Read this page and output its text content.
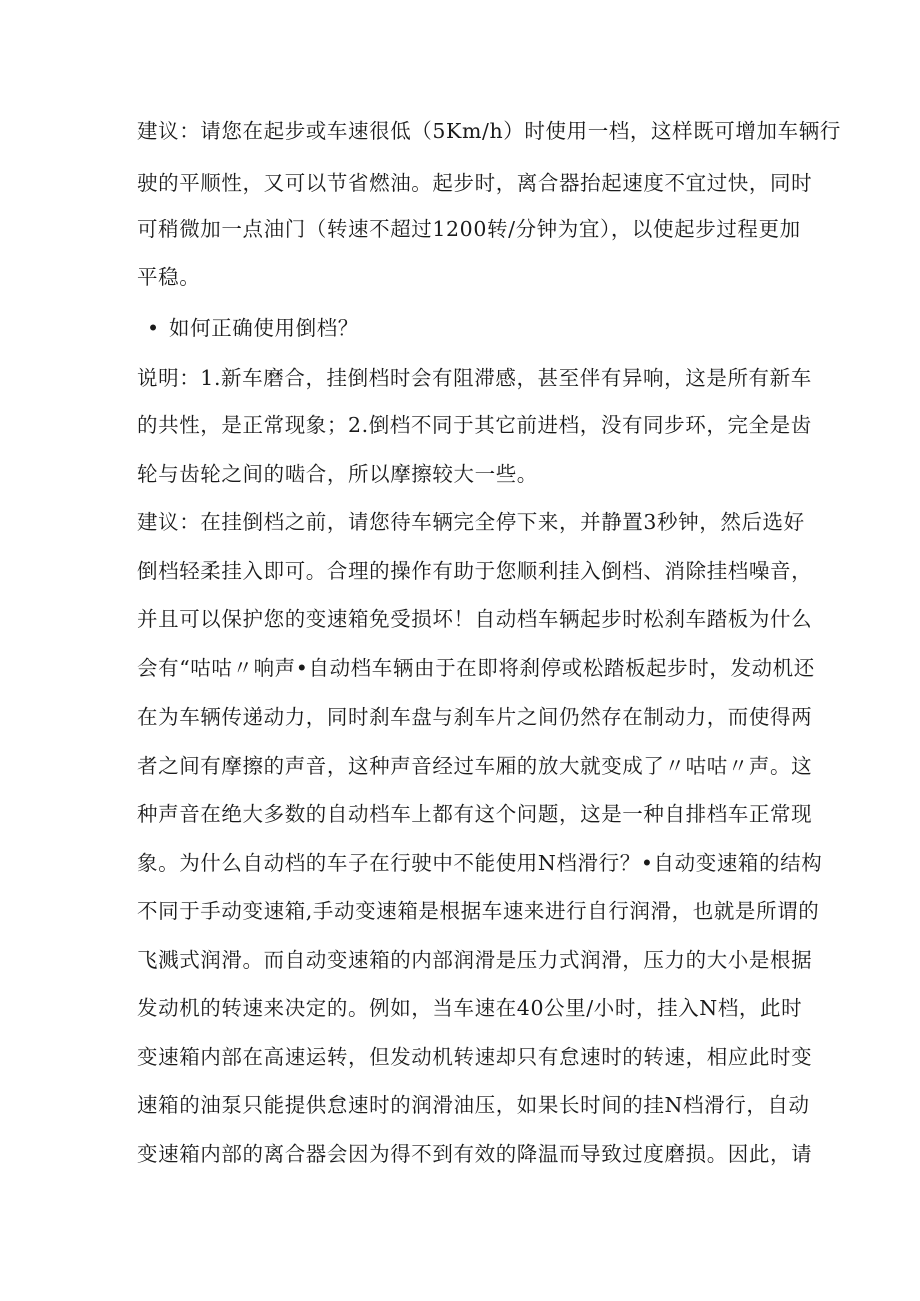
建议：请您在起步或车速很低（5Km/h）时使用一档，这样既可增加车辆行
驶的平顺性，又可以节省燃油。起步时，离合器抬起速度不宜过快，同时
可稍微加一点油门（转速不超过1200转/分钟为宜），以使起步过程更加
平稳。
• 如何正确使用倒档？
说明：1.新车磨合，挂倒档时会有阻滞感，甚至伴有异响，这是所有新车
的共性，是正常现象；2.倒档不同于其它前进档，没有同步环，完全是齿
轮与齿轮之间的啮合，所以摩擦较大一些。
建议：在挂倒档之前，请您待车辆完全停下来，并静置3秒钟，然后选好
倒档轻柔挂入即可。合理的操作有助于您顺利挂入倒档、消除挂档噪音，
并且可以保护您的变速箱免受损坏！自动档车辆起步时松刹车踏板为什么
会有“咕咕〃响声•自动档车辆由于在即将刹停或松踏板起步时，发动机还
在为车辆传递动力，同时刹车盘与刹车片之间仍然存在制动力，而使得两
者之间有摩擦的声音，这种声音经过车厢的放大就变成了〃咕咕〃声。这
种声音在绝大多数的自动档车上都有这个问题，这是一种自排档车正常现
象。为什么自动档的车子在行驶中不能使用N档滑行？•自动变速箱的结构
不同于手动变速箱,手动变速箱是根据车速来进行自行润滑，也就是所谓的
飞溅式润滑。而自动变速箱的内部润滑是压力式润滑，压力的大小是根据
发动机的转速来决定的。例如，当车速在40公里/小时，挂入N档，此时
变速箱内部在高速运转，但发动机转速却只有怠速时的转速，相应此时变
速箱的油泵只能提供怠速时的润滑油压，如果长时间的挂N档滑行，自动
变速箱内部的离合器会因为得不到有效的降温而导致过度磨损。因此，请
